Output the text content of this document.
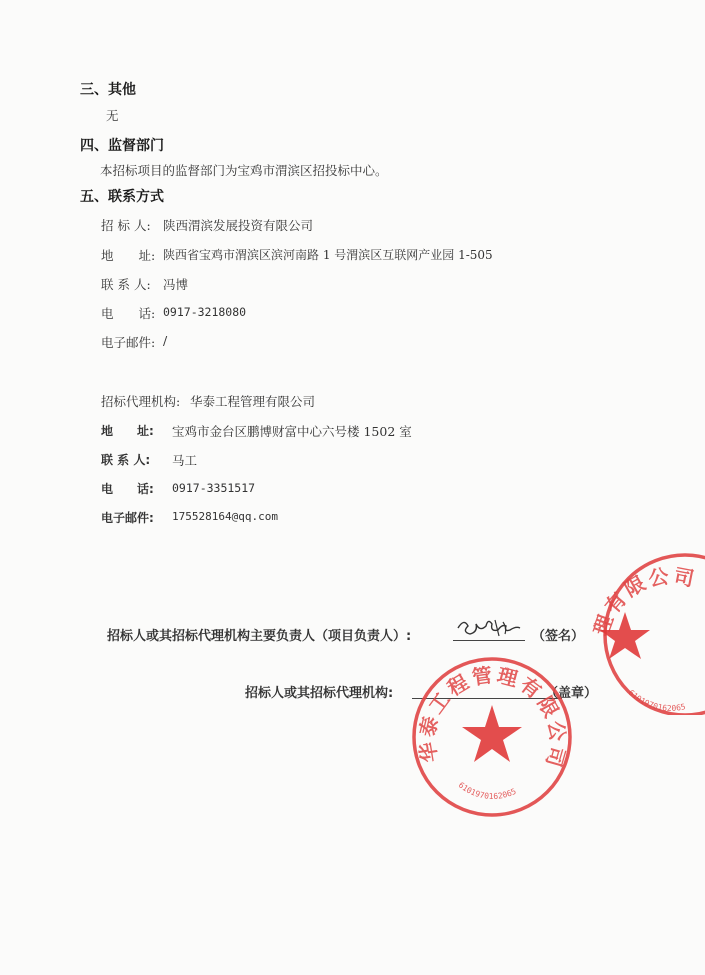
三、其他
无
四、监督部门
本招标项目的监督部门为宝鸡市渭滨区招投标中心。
五、联系方式
招 标 人: 陕西渭滨发展投资有限公司
地　　址: 陕西省宝鸡市渭滨区滨河南路 1 号渭滨区互联网产业园 1-505
联 系 人: 冯博
电　　话: 0917-3218080
电子邮件: /
招标代理机构: 华泰工程管理有限公司
地　　址: 宝鸡市金台区鹏博财富中心六号楼 1502 室
联 系 人: 马工
电　　话: 0917-3351517
电子邮件: 175528164@qq.com
招标人或其招标代理机构主要负责人（项目负责人）:	（签名）
招标人或其招标代理机构:	（盖章）
华泰工程管理有限公司
6101970162065
理有限公司
6101970162065
